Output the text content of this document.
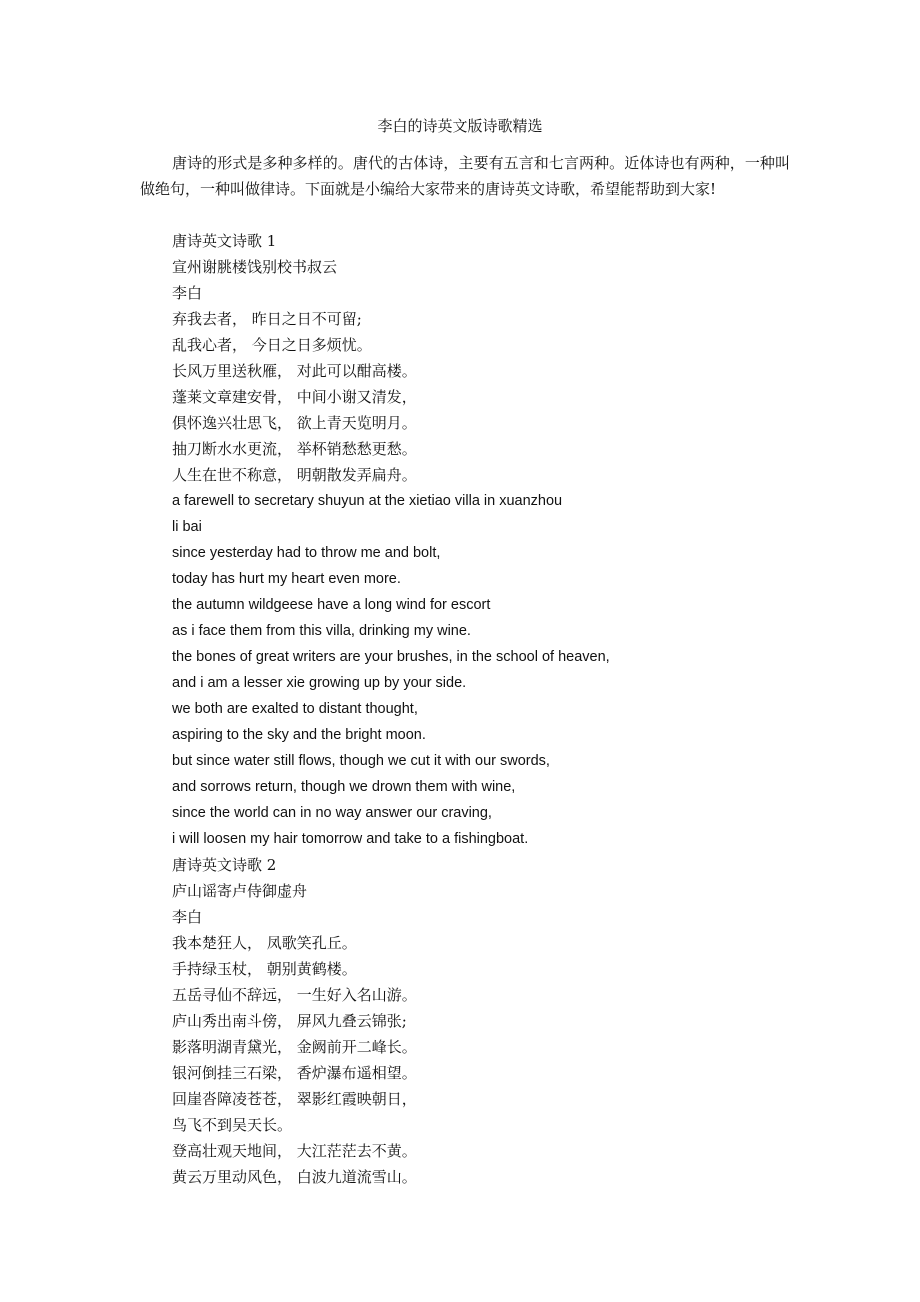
李白的诗英文版诗歌精选
唐诗的形式是多种多样的。唐代的古体诗，主要有五言和七言两种。近体诗也有两种，一种叫做绝句，一种叫做律诗。下面就是小编给大家带来的唐诗英文诗歌，希望能帮助到大家!
唐诗英文诗歌 1
宣州谢脁楼饯别校书叔云
李白
弃我去者， 昨日之日不可留;
乱我心者， 今日之日多烦忧。
长风万里送秋雁， 对此可以酣高楼。
蓬莱文章建安骨， 中间小谢又清发，
俱怀逸兴壮思飞， 欲上青天览明月。
抽刀断水水更流， 举杯销愁愁更愁。
人生在世不称意， 明朝散发弄扁舟。
a farewell to secretary shuyun at the xietiao villa in xuanzhou
li bai
since yesterday had to throw me and bolt,
today has hurt my heart even more.
the autumn wildgeese have a long wind for escort
as i face them from this villa, drinking my wine.
the bones of great writers are your brushes, in the school of heaven,
and i am a lesser xie growing up by your side.
we both are exalted to distant thought,
aspiring to the sky and the bright moon.
but since water still flows, though we cut it with our swords,
and sorrows return, though we drown them with wine,
since the world can in no way answer our craving,
i will loosen my hair tomorrow and take to a fishingboat.
唐诗英文诗歌 2
庐山谣寄卢侍御虚舟
李白
我本楚狂人， 凤歌笑孔丘。
手持绿玉杖， 朝别黄鹤楼。
五岳寻仙不辞远， 一生好入名山游。
庐山秀出南斗傍， 屏风九叠云锦张;
影落明湖青黛光， 金阙前开二峰长。
银河倒挂三石梁， 香炉瀑布遥相望。
回崖沓障凌苍苍， 翠影红霞映朝日，
鸟飞不到吴天长。
登高壮观天地间， 大江茫茫去不黄。
黄云万里动风色， 白波九道流雪山。
